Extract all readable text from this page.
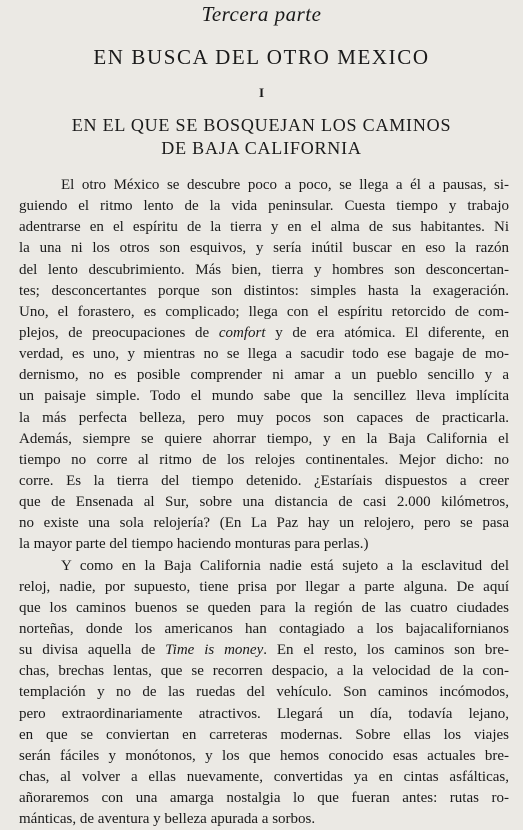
Tercera parte
EN BUSCA DEL OTRO MEXICO
I
EN EL QUE SE BOSQUEJAN LOS CAMINOS
DE BAJA CALIFORNIA
El otro México se descubre poco a poco, se llega a él a pausas, si-
guiendo el ritmo lento de la vida peninsular. Cuesta tiempo y trabajo
adentrarse en el espíritu de la tierra y en el alma de sus habitantes. Ni
la una ni los otros son esquivos, y sería inútil buscar en eso la razón
del lento descubrimiento. Más bien, tierra y hombres son desconcertan-
tes; desconcertantes porque son distintos: simples hasta la exageración.
Uno, el forastero, es complicado; llega con el espíritu retorcido de com-
plejos, de preocupaciones de comfort y de era atómica. El diferente, en
verdad, es uno, y mientras no se llega a sacudir todo ese bagaje de mo-
dernismo, no es posible comprender ni amar a un pueblo sencillo y a
un paisaje simple. Todo el mundo sabe que la sencillez lleva implícita
la más perfecta belleza, pero muy pocos son capaces de practicarla.
Además, siempre se quiere ahorrar tiempo, y en la Baja California el
tiempo no corre al ritmo de los relojes continentales. Mejor dicho: no
corre. Es la tierra del tiempo detenido. ¿Estaríais dispuestos a creer
que de Ensenada al Sur, sobre una distancia de casi 2.000 kilómetros,
no existe una sola relojería? (En La Paz hay un relojero, pero se pasa
la mayor parte del tiempo haciendo monturas para perlas.)
Y como en la Baja California nadie está sujeto a la esclavitud del
reloj, nadie, por supuesto, tiene prisa por llegar a parte alguna. De aquí
que los caminos buenos se queden para la región de las cuatro ciudades
norteñas, donde los americanos han contagiado a los bajacalifornianos
su divisa aquella de Time is money. En el resto, los caminos son bre-
chas, brechas lentas, que se recorren despacio, a la velocidad de la con-
templación y no de las ruedas del vehículo. Son caminos incómodos,
pero extraordinariamente atractivos. Llegará un día, todavía lejano,
en que se conviertan en carreteras modernas. Sobre ellas los viajes
serán fáciles y monótonos, y los que hemos conocido esas actuales bre-
chas, al volver a ellas nuevamente, convertidas ya en cintas asfálticas,
añoraremos con una amarga nostalgia lo que fueran antes: rutas ro-
mánticas, de aventura y belleza apurada a sorbos.
